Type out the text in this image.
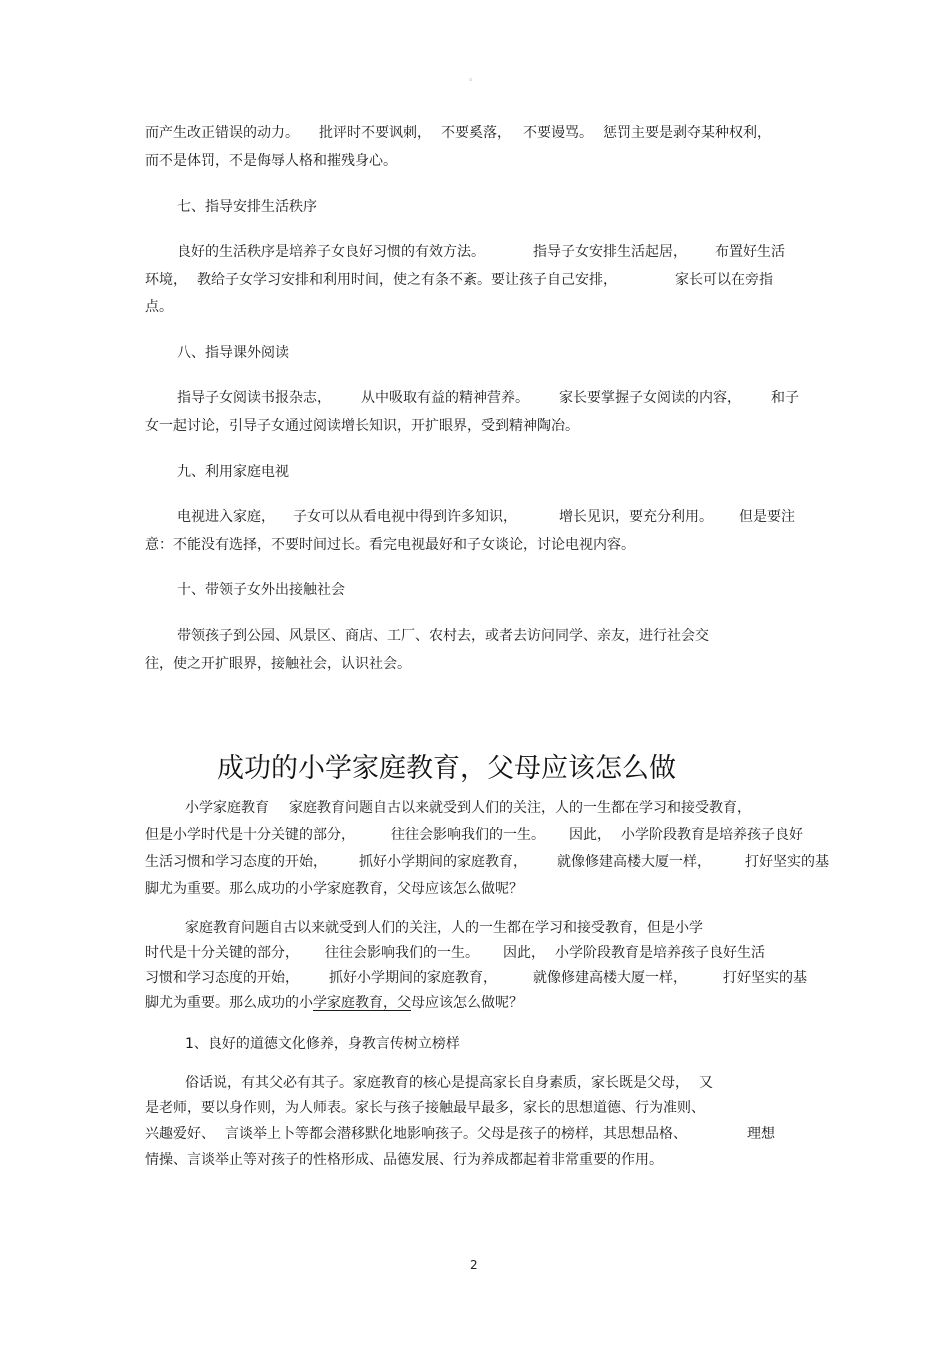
。
而产生改正错误的动力。 批评时不要讽刺， 不要奚落， 不要谩骂。 惩罚主要是剥夺某种权利，
而不是体罚，不是侮辱人格和摧残身心。
七、指导安排生活秩序
良好的生活秩序是培养子女良好习惯的有效方法。	指导子女安排生活起居， 布置好生活
环境， 教给子女学习安排和利用时间，使之有条不紊。要让孩子自己安排，	家长可以在旁指
点。
八、指导课外阅读
指导子女阅读书报杂志， 从中吸取有益的精神营养。 家长要掌握子女阅读的内容， 和子
女一起讨论，引导子女通过阅读增长知识，开扩眼界，受到精神陶冶。
九、利用家庭电视
电视进入家庭， 子女可以从看电视中得到许多知识，	增长见识，要充分利用。 但是要注
意：不能没有选择，不要时间过长。看完电视最好和子女谈论，讨论电视内容。
十、带领子女外出接触社会
带领孩子到公园、风景区、商店、工厂、农村去，或者去访问同学、亲友，进行社会交
往，使之开扩眼界，接触社会，认识社会。
成功的小学家庭教育，父母应该怎么做
小学家庭教育 家庭教育问题自古以来就受到人们的关注，人的一生都在学习和接受教育，
但是小学时代是十分关键的部分，	往往会影响我们的一生。 因此， 小学阶段教育是培养孩子良好
生活习惯和学习态度的开始， 抓好小学期间的家庭教育， 就像修建高楼大厦一样， 打好坚实的基
脚尤为重要。那么成功的小学家庭教育，父母应该怎么做呢？
家庭教育问题自古以来就受到人们的关注，人的一生都在学习和接受教育，但是小学
时代是十分关键的部分， 往往会影响我们的一生。 因此， 小学阶段教育是培养孩子良好生活
习惯和学习态度的开始， 抓好小学期间的家庭教育，	就像修建高楼大厦一样，	打好坚实的基
脚尤为重要。那么成功的小学家庭教育，父母应该怎么做呢？
1、良好的道德文化修养，身教言传树立榜样
俗话说，有其父必有其子。家庭教育的核心是提高家长自身素质，家长既是父母， 又
是老师，要以身作则，为人师表。家长与孩子接触最早最多，家长的思想道德、行为准则、
兴趣爱好、 言谈举上卜等都会潜移默化地影响孩子。父母是孩子的榜样，其思想品格、	理想
情操、言谈举止等对孩子的性格形成、品德发展、行为养成都起着非常重要的作用。
2
